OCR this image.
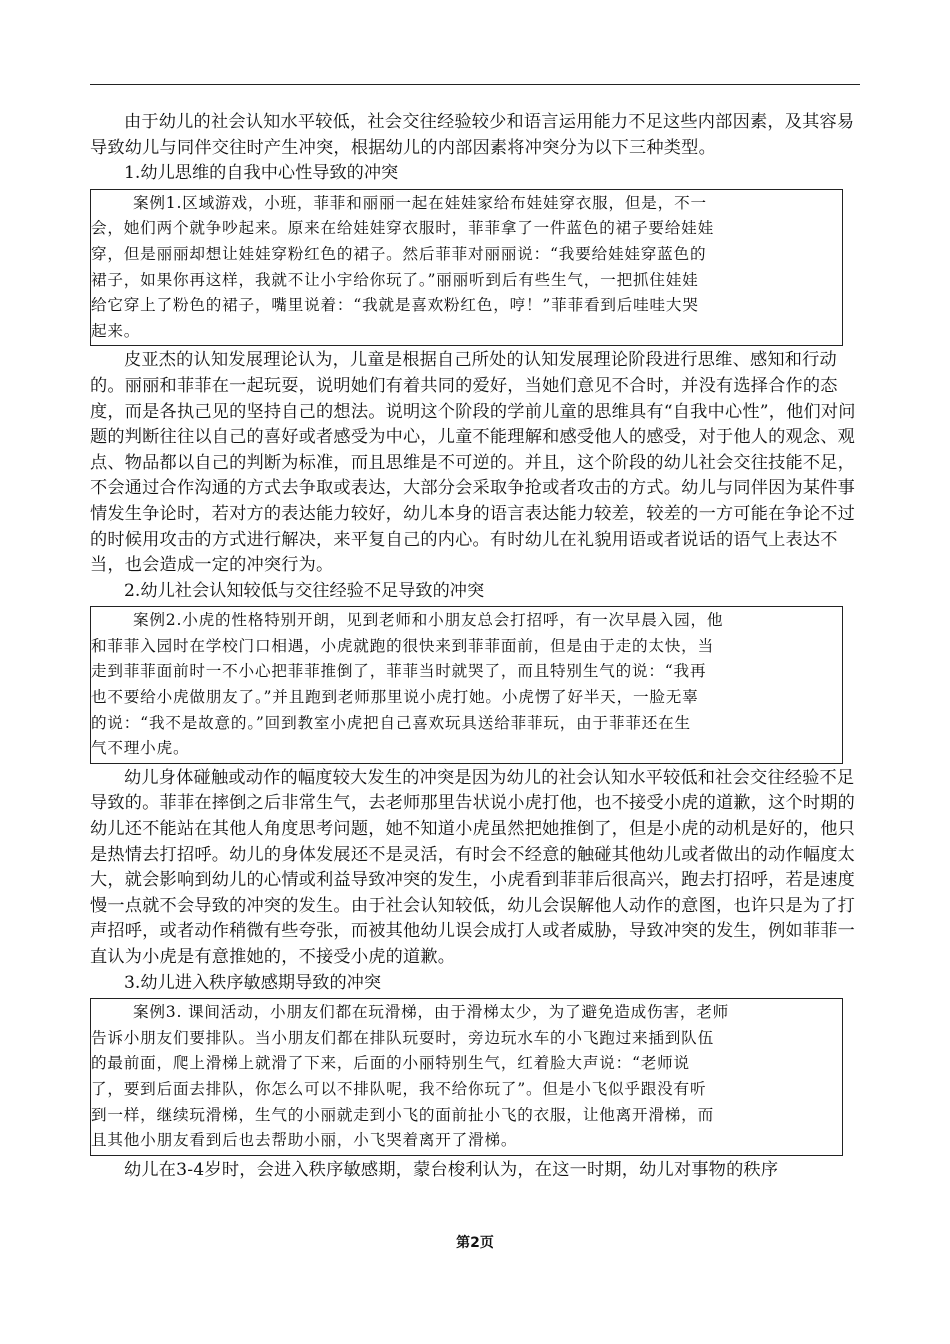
由于幼儿的社会认知水平较低，社会交往经验较少和语言运用能力不足这些内部因素，及其容易导致幼儿与同伴交往时产生冲突，根据幼儿的内部因素将冲突分为以下三种类型。

1.幼儿思维的自我中心性导致的冲突

案例1.区域游戏，小班，菲菲和丽丽一起在娃娃家给布娃娃穿衣服，但是，不一

会，她们两个就争吵起来。原来在给娃娃穿衣服时，菲菲拿了一件蓝色的裙子要给娃娃

穿，但是丽丽却想让娃娃穿粉红色的裙子。然后菲菲对丽丽说：“我要给娃娃穿蓝色的

裙子，如果你再这样，我就不让小宇给你玩了。”丽丽听到后有些生气，一把抓住娃娃

给它穿上了粉色的裙子，嘴里说着：“我就是喜欢粉红色，哼！”菲菲看到后哇哇大哭

起来。

皮亚杰的认知发展理论认为，儿童是根据自己所处的认知发展理论阶段进行思维、感知和行动的。丽丽和菲菲在一起玩耍，说明她们有着共同的爱好，当她们意见不合时，并没有选择合作的态度，而是各执己见的坚持自己的想法。说明这个阶段的学前儿童的思维具有“自我中心性”，他们对问题的判断往往以自己的喜好或者感受为中心，儿童不能理解和感受他人的感受，对于他人的观念、观点、物品都以自己的判断为标准，而且思维是不可逆的。并且，这个阶段的幼儿社会交往技能不足，不会通过合作沟通的方式去争取或表达，大部分会采取争抢或者攻击的方式。幼儿与同伴因为某件事情发生争论时，若对方的表达能力较好，幼儿本身的语言表达能力较差，较差的一方可能在争论不过的时候用攻击的方式进行解决，来平复自己的内心。有时幼儿在礼貌用语或者说话的语气上表达不当，也会造成一定的冲突行为。

2.幼儿社会认知较低与交往经验不足导致的冲突

案例2.小虎的性格特别开朗，见到老师和小朋友总会打招呼，有一次早晨入园，他

和菲菲入园时在学校门口相遇，小虎就跑的很快来到菲菲面前，但是由于走的太快，当

走到菲菲面前时一不小心把菲菲推倒了，菲菲当时就哭了，而且特别生气的说：“我再

也不要给小虎做朋友了。”并且跑到老师那里说小虎打她。小虎愣了好半天，一脸无辜

的说：“我不是故意的。”回到教室小虎把自己喜欢玩具送给菲菲玩，由于菲菲还在生

气不理小虎。

幼儿身体碰触或动作的幅度较大发生的冲突是因为幼儿的社会认知水平较低和社会交往经验不足导致的。菲菲在摔倒之后非常生气，去老师那里告状说小虎打他，也不接受小虎的道歉，这个时期的幼儿还不能站在其他人角度思考问题，她不知道小虎虽然把她推倒了，但是小虎的动机是好的，他只是热情去打招呼。幼儿的身体发展还不是灵活，有时会不经意的触碰其他幼儿或者做出的动作幅度太大，就会影响到幼儿的心情或利益导致冲突的发生，小虎看到菲菲后很高兴，跑去打招呼，若是速度慢一点就不会导致的冲突的发生。由于社会认知较低，幼儿会误解他人动作的意图，也许只是为了打声招呼，或者动作稍微有些夸张，而被其他幼儿误会成打人或者威胁，导致冲突的发生，例如菲菲一直认为小虎是有意推她的，不接受小虎的道歉。

3.幼儿进入秩序敏感期导致的冲突

案例3. 课间活动，小朋友们都在玩滑梯，由于滑梯太少，为了避免造成伤害，老师

告诉小朋友们要排队。当小朋友们都在排队玩耍时，旁边玩水车的小飞跑过来插到队伍

的最前面，爬上滑梯上就滑了下来，后面的小丽特别生气，红着脸大声说：“老师说

了，要到后面去排队，你怎么可以不排队呢，我不给你玩了”。但是小飞似乎跟没有听

到一样，继续玩滑梯，生气的小丽就走到小飞的面前扯小飞的衣服，让他离开滑梯，而

且其他小朋友看到后也去帮助小丽，小飞哭着离开了滑梯。

幼儿在3-4岁时，会进入秩序敏感期，蒙台梭利认为，在这一时期，幼儿对事物的秩序

第2页
